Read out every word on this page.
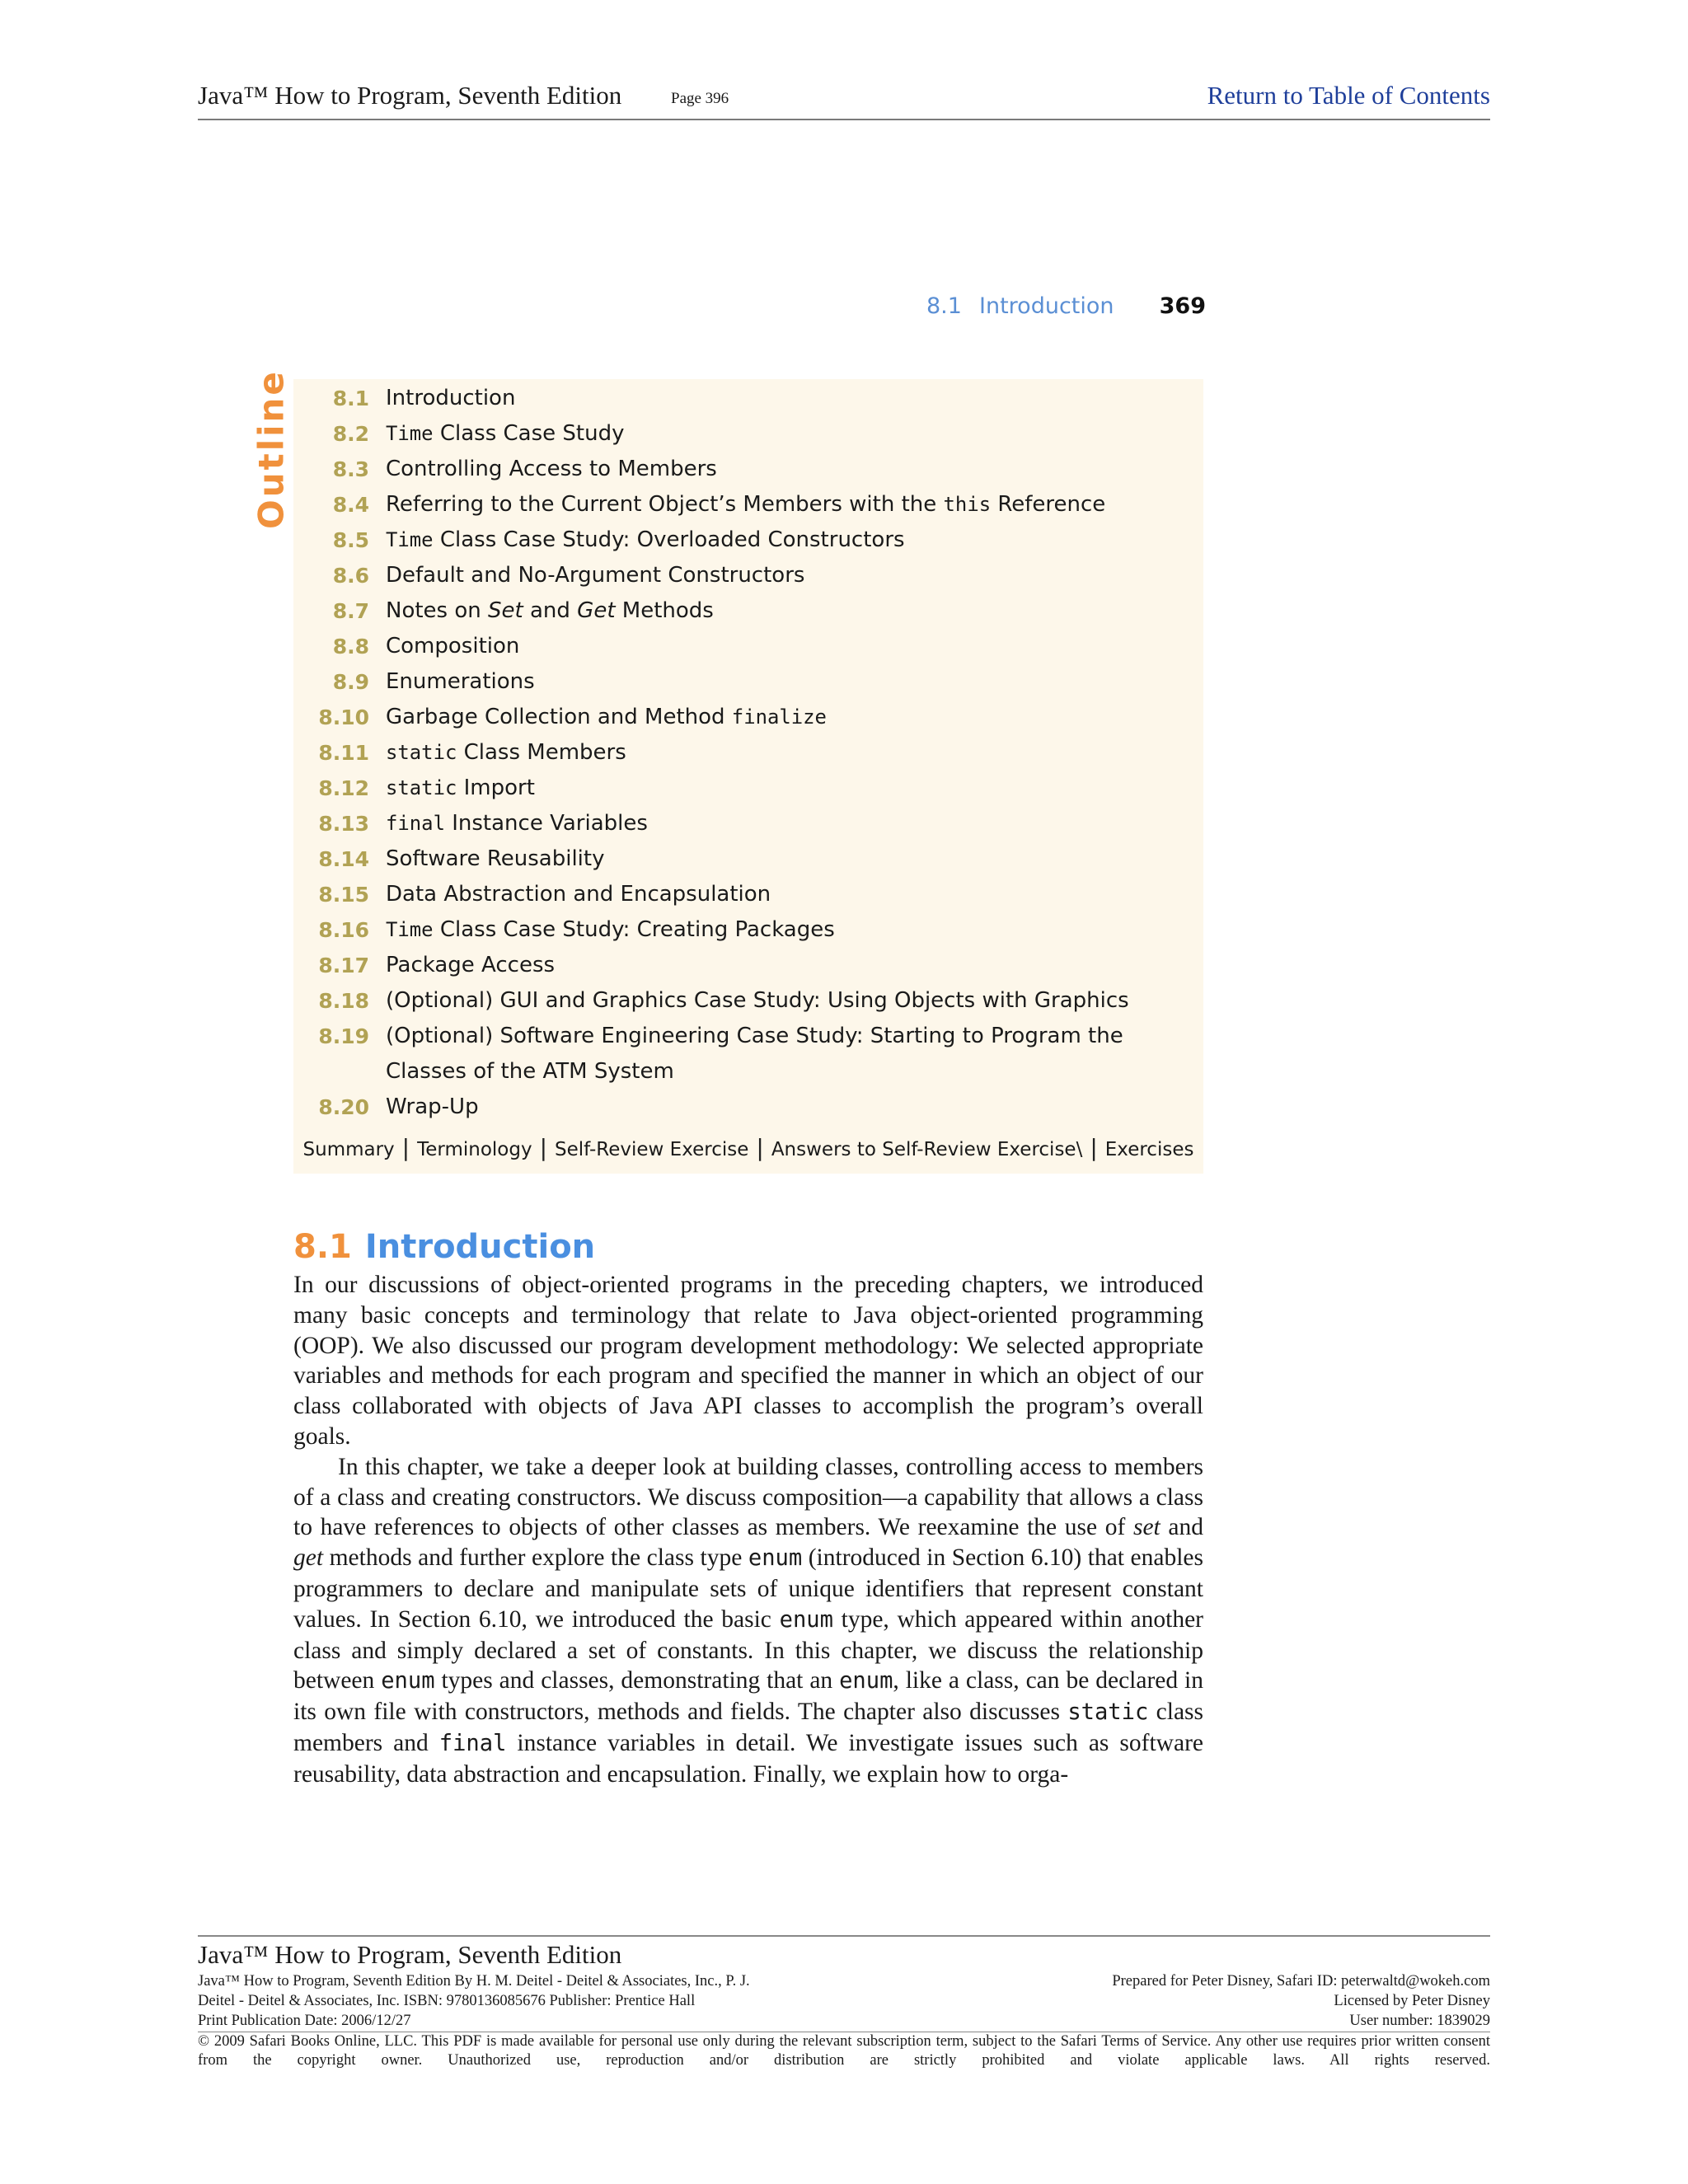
Java™ How to Program, Seventh Edition	Page 396	Return to Table of Contents
8.1 Introduction 369
Outline	8.1 Introduction
8.2 Time Class Case Study
8.3 Controlling Access to Members
8.4 Referring to the Current Object’s Members with the this Reference
8.5 Time Class Case Study: Overloaded Constructors
8.6 Default and No-Argument Constructors
8.7 Notes on Set and Get Methods
8.8 Composition
8.9 Enumerations
8.10 Garbage Collection and Method finalize
8.11 static Class Members
8.12 static Import
8.13 final Instance Variables
8.14 Software Reusability
8.15 Data Abstraction and Encapsulation
8.16 Time Class Case Study: Creating Packages
8.17 Package Access
8.18 (Optional) GUI and Graphics Case Study: Using Objects with Graphics
8.19 (Optional) Software Engineering Case Study: Starting to Program the Classes of the ATM System
8.20 Wrap-Up
Summary | Terminology | Self-Review Exercise | Answers to Self-Review Exercise\ | Exercises
8.1 Introduction

In our discussions of object-oriented programs in the preceding chapters, we introduced many basic concepts and terminology that relate to Java object-oriented programming (OOP). We also discussed our program development methodology: We selected appropriate variables and methods for each program and specified the manner in which an object of our class collaborated with objects of Java API classes to accomplish the program’s overall goals.

In this chapter, we take a deeper look at building classes, controlling access to members of a class and creating constructors. We discuss composition—a capability that allows a class to have references to objects of other classes as members. We reexamine the use of set and get methods and further explore the class type enum (introduced in Section 6.10) that enables programmers to declare and manipulate sets of unique identifiers that represent constant values. In Section 6.10, we introduced the basic enum type, which appeared within another class and simply declared a set of constants. In this chapter, we discuss the relationship between enum types and classes, demonstrating that an enum, like a class, can be declared in its own file with constructors, methods and fields. The chapter also discusses static class members and final instance variables in detail. We investigate issues such as software reusability, data abstraction and encapsulation. Finally, we explain how to orga-

Java™ How to Program, Seventh Edition
Java™ How to Program, Seventh Edition By H. M. Deitel - Deitel & Associates, Inc., P. J.	Prepared for Peter Disney, Safari ID: peterwaltd@wokeh.com
Deitel - Deitel & Associates, Inc. ISBN: 9780136085676 Publisher: Prentice Hall	Licensed by Peter Disney
Print Publication Date: 2006/12/27	User number: 1839029
© 2009 Safari Books Online, LLC. This PDF is made available for personal use only during the relevant subscription term, subject to the Safari Terms of Service. Any other use requires prior written consent from the copyright owner. Unauthorized use, reproduction and/or distribution are strictly prohibited and violate applicable laws. All rights reserved.
